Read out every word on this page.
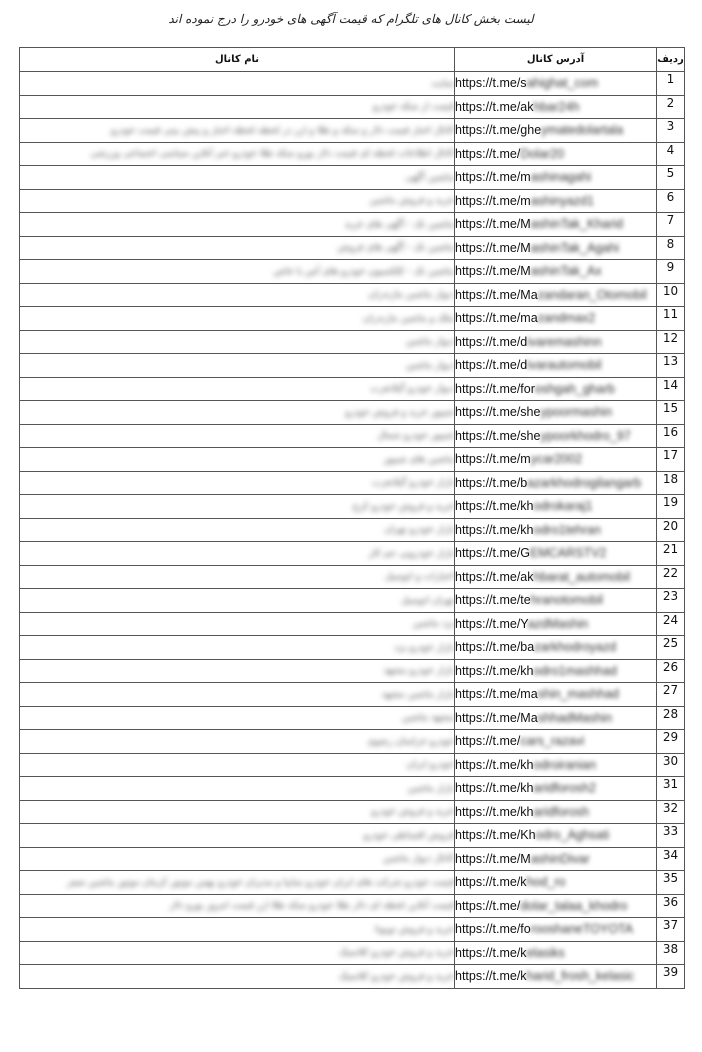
لیست بخش کانال های تلگرام که قیمت آگهی های خودرو را درج نموده اند
نام کانال	آدرس کانال	ردیف
سایت	https://t.me/sahighat_com	1
قیمت از سکه خودرو	https://t.me/akhbar24h	2
کانال اخبار قیمت دلار و سکه و طلا و ارز در لحظه لحظه اخبار و پیش بینی قیمت خودرو	https://t.me/gheymatedolartala	3
کانال اطلاعات لحظه ای قیمت دلار یورو سکه طلا خودرو خبر آنلاین سیاسی اجتماعی ورزشی	https://t.me/Dolar20	4
ماشین آگهی	https://t.me/mashinagahi	5
خرید و فروش ماشین	https://t.me/mashinyazd1	6
ماشین تک - آگهی های خرید	https://t.me/MashinTak_Kharid	7
ماشین تک - آگهی های فروش	https://t.me/MashinTak_Agahi	8
ماشین تک - کلکسیون خودرو های آس یا خاص	https://t.me/MashinTak_Ax	9
دیوار ماشین مازندران	https://t.me/Mazandaran_Otomobil	10
ملک و ماشین مازندران	https://t.me/mazandmax2	11
دیوار ماشین	https://t.me/divaremashinn	12
دیوار ماشین	https://t.me/divarautomobil	13
دیوار خودرو گیلانغرب	https://t.me/foroshgah_gharb	14
شیپور خرید و فروش خودرو	https://t.me/sheypoormashin	15
شیپور خودرو شمال	https://t.me/sheypoorkhodro_97	16
ماشین های شیپور	https://t.me/mycar2002	17
بازار خودرو گیلانغرب	https://t.me/bazarkhodrogilangarb	18
خرید و فروش خودرو کرج	https://t.me/khodrokaraj1	19
بازار خودرو تهران	https://t.me/khodro1tehran	20
بازار خودرویی جم کار	https://t.me/GEMCARSTV2	21
اخبارات و اتومبیل	https://t.me/akhbarat_automobil	22
تهران اتومبیل	https://t.me/tehranotomobil	23
یزد ماشین	https://t.me/YazdMashin	24
بازار خودرو یزد	https://t.me/bazarkhodroyazd	25
بازار خودرو مشهد	https://t.me/khodro1mashhad	26
بازار ماشین مشهد	https://t.me/mashin_mashhad	27
مشهد ماشین	https://t.me/MashhadMashin	28
خودرو خراسان رضوی	https://t.me/cars_razavi	29
خودرو ایران	https://t.me/khodroiranian	30
بازار ماشین	https://t.me/kharidforosh2	31
خرید و فروش خودرو	https://t.me/kharidforosh	32
فروش اقساطی خودرو	https://t.me/Khodro_Aghsati	33
کانال دیوار ماشین	https://t.me/MashinDivar	34
قیمت خودرو شرکت های ایران خودرو سایپا و مدیران خودرو بهمن موتور کرمان موتور ماشین صفر	https://t.me/khod_ro	35
قیمت آنلاین لحظه ای دلار طلا خودرو سکه طلا ارز قیمت امروز یورو دلار	https://t.me/dolar_talaa_khodro	36
خرید و فروش تویوتا	https://t.me/forooshaneTOYOTA	37
خرید و فروش خودرو کلاسیک	https://t.me/kelasiks	38
خرید و فروش خودرو کلاسیک	https://t.me/kharid_frosh_kelasic	39
